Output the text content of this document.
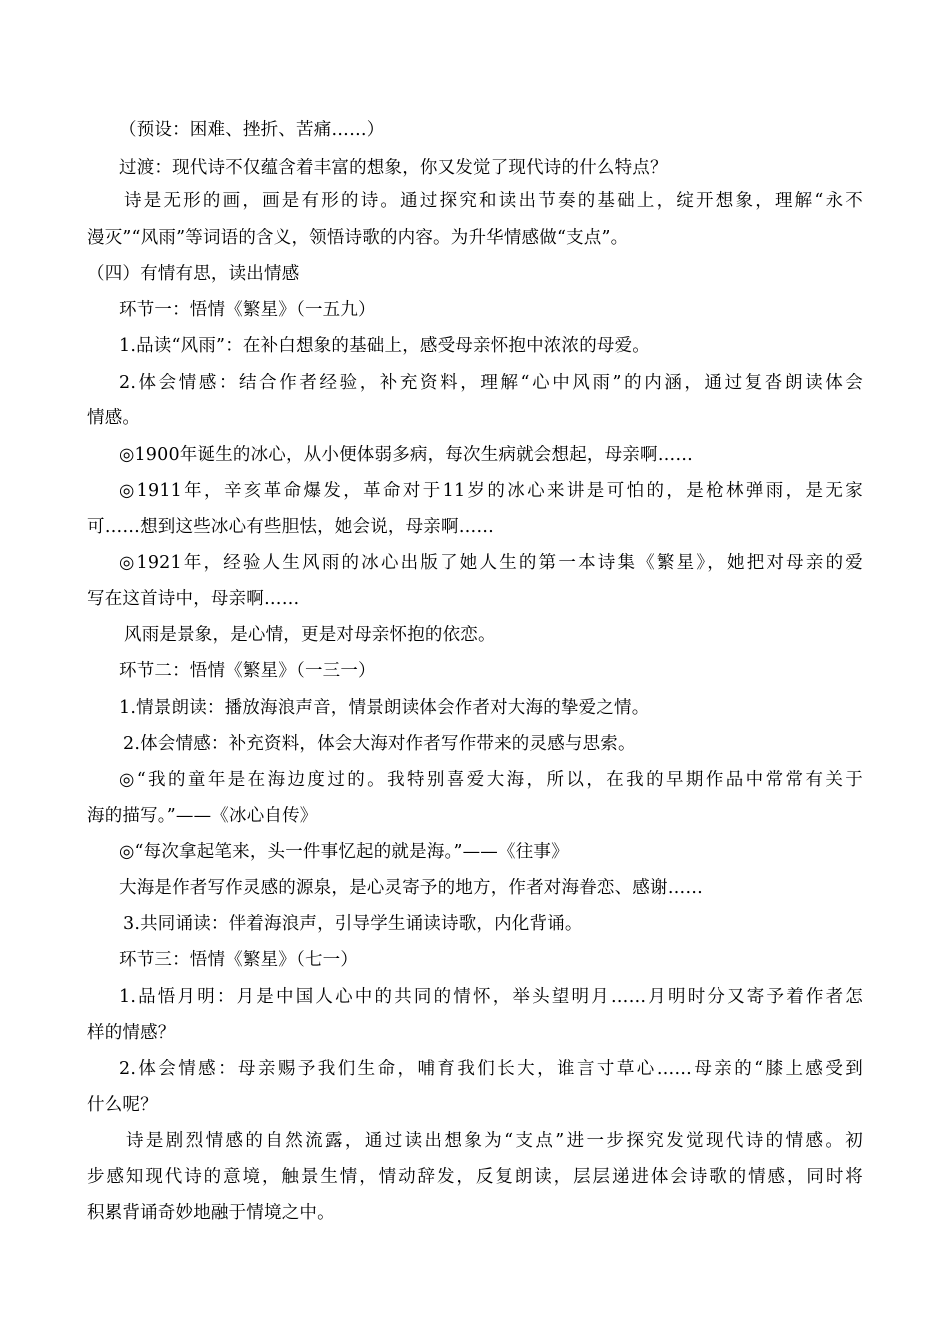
（预设：困难、挫折、苦痛……）

过渡：现代诗不仅蕴含着丰富的想象，你又发觉了现代诗的什么特点？

诗是无形的画，画是有形的诗。通过探究和读出节奏的基础上，绽开想象，理解“永不

漫灭”“风雨”等词语的含义，领悟诗歌的内容。为升华情感做“支点”。

（四）有情有思，读出情感

环节一：悟情《繁星》（一五九）

1.品读“风雨”：在补白想象的基础上，感受母亲怀抱中浓浓的母爱。

2.体会情感：结合作者经验，补充资料，理解“心中风雨”的内涵，通过复沓朗读体会

情感。

◎1900年诞生的冰心，从小便体弱多病，每次生病就会想起，母亲啊……

◎1911年，辛亥革命爆发，革命对于11岁的冰心来讲是可怕的，是枪林弹雨，是无家

可……想到这些冰心有些胆怯，她会说，母亲啊……

◎1921年，经验人生风雨的冰心出版了她人生的第一本诗集《繁星》，她把对母亲的爱

写在这首诗中，母亲啊……

风雨是景象，是心情，更是对母亲怀抱的依恋。

环节二：悟情《繁星》（一三一）

1.情景朗读：播放海浪声音，情景朗读体会作者对大海的挚爱之情。

2.体会情感：补充资料，体会大海对作者写作带来的灵感与思索。

◎“我的童年是在海边度过的。我特别喜爱大海，所以，在我的早期作品中常常有关于

海的描写。”——《冰心自传》

◎“每次拿起笔来，头一件事忆起的就是海。”——《往事》

大海是作者写作灵感的源泉，是心灵寄予的地方，作者对海眷恋、感谢……

3.共同诵读：伴着海浪声，引导学生诵读诗歌，内化背诵。

环节三：悟情《繁星》（七一）

1.品悟月明：月是中国人心中的共同的情怀，举头望明月……月明时分又寄予着作者怎

样的情感？

2.体会情感：母亲赐予我们生命，哺育我们长大，谁言寸草心……母亲的“膝上感受到

什么呢？

诗是剧烈情感的自然流露，通过读出想象为“支点”进一步探究发觉现代诗的情感。初

步感知现代诗的意境，触景生情，情动辞发，反复朗读，层层递进体会诗歌的情感，同时将

积累背诵奇妙地融于情境之中。
